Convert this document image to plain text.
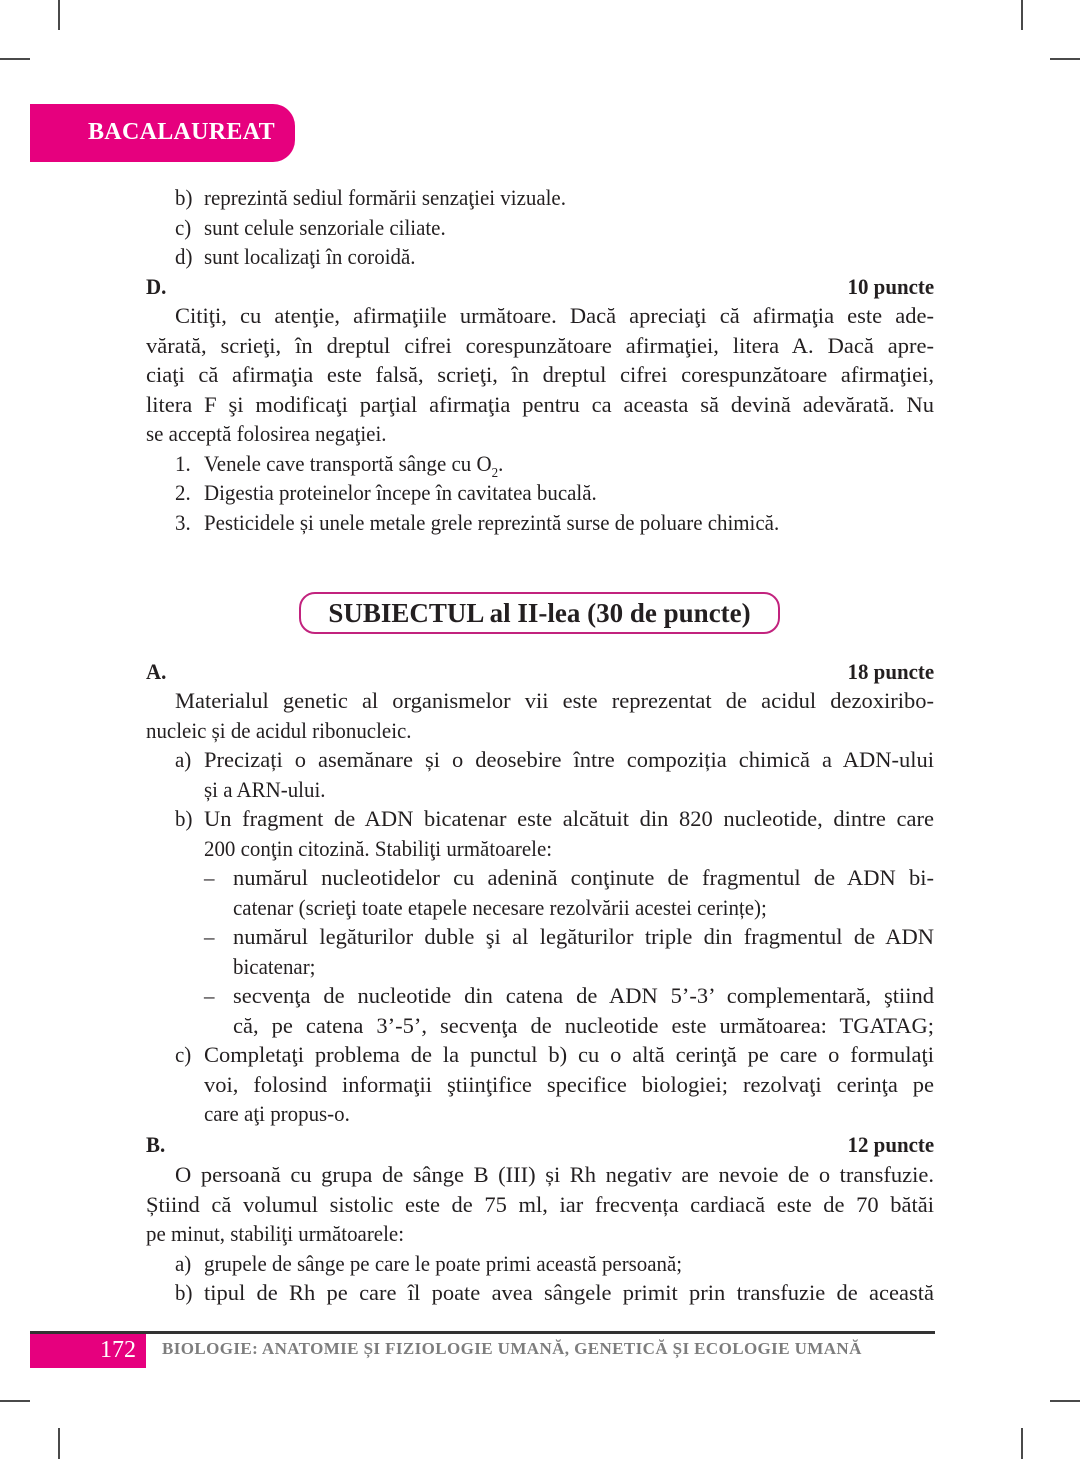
BACALAUREAT
b) reprezintă sediul formării senzaţiei vizuale.
c) sunt celule senzoriale ciliate.
d) sunt localizaţi în coroidă.
D.	10 puncte
Citiţi, cu atenţie, afirmaţiile următoare. Dacă apreciaţi că afirmaţia este ade-
vărată, scrieţi, în dreptul cifrei corespunzătoare afirmaţiei, litera A. Dacă apre-
ciaţi că afirmaţia este falsă, scrieţi, în dreptul cifrei corespunzătoare afirmaţiei,
litera F şi modificaţi parţial afirmaţia pentru ca aceasta să devină adevărată. Nu
se acceptă folosirea negaţiei.
1. Venele cave transportă sânge cu $O_2$.
2. Digestia proteinelor începe în cavitatea bucală.
3. Pesticidele și unele metale grele reprezintă surse de poluare chimică.
SUBIECTUL al II-lea (30 de puncte)
A.	18 puncte
Materialul genetic al organismelor vii este reprezentat de acidul dezoxiribo-
nucleic și de acidul ribonucleic.
a) Precizați o asemănare și o deosebire între compoziția chimică a ADN-ului
și a ARN-ului.
b) Un fragment de ADN bicatenar este alcătuit din 820 nucleotide, dintre care
200 conţin citozină. Stabiliţi următoarele:
– numărul nucleotidelor cu adenină conţinute de fragmentul de ADN bi-
catenar (scrieţi toate etapele necesare rezolvării acestei cerințe);
– numărul legăturilor duble şi al legăturilor triple din fragmentul de ADN
bicatenar;
– secvenţa de nucleotide din catena de ADN 5’-3’ complementară, ştiind
că, pe catena 3’-5’, secvenţa de nucleotide este următoarea: TGATAG;
c) Completaţi problema de la punctul b) cu o altă cerinţă pe care o formulaţi
voi, folosind informaţii ştiinţifice specifice biologiei; rezolvaţi cerinţa pe
care aţi propus-o.
B.	12 puncte
O persoană cu grupa de sânge B (III) și Rh negativ are nevoie de o transfuzie.
Știind că volumul sistolic este de 75 ml, iar frecvența cardiacă este de 70 bătăi
pe minut, stabiliţi următoarele:
a) grupele de sânge pe care le poate primi această persoană;
b) tipul de Rh pe care îl poate avea sângele primit prin transfuzie de această
172 BIOLOGIE: ANATOMIE ȘI FIZIOLOGIE UMANĂ, GENETICĂ ȘI ECOLOGIE UMANĂ
